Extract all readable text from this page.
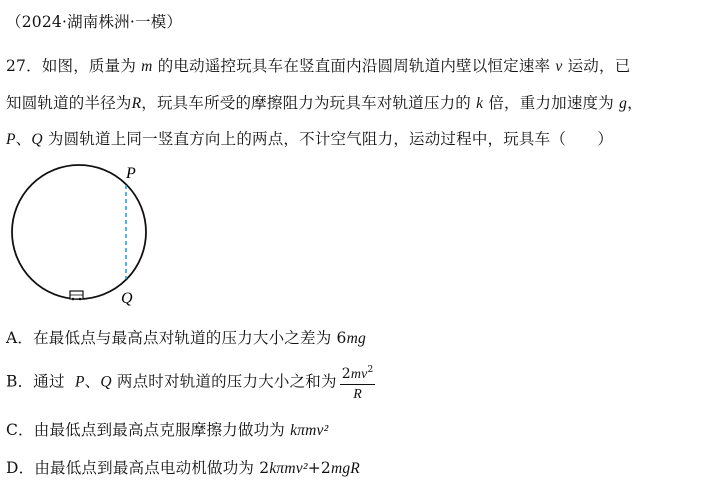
（2024·湖南株洲·一模）
27．如图，质量为 m 的电动遥控玩具车在竖直面内沿圆周轨道内壁以恒定速率 v 运动，已
知圆轨道的半径为R，玩具车所受的摩擦阻力为玩具车对轨道压力的 k 倍，重力加速度为 g，
P、Q 为圆轨道上同一竖直方向上的两点，不计空气阻力，运动过程中，玩具车（　　）
P
Q
A．在最低点与最高点对轨道的压力大小之差为 6mg
B．通过 P、Q 两点时对轨道的压力大小之和为 $\frac{2mv^2}{R}$
C．由最低点到最高点克服摩擦力做功为 kπmv²
D．由最低点到最高点电动机做功为 2kπmv²+2mgR
